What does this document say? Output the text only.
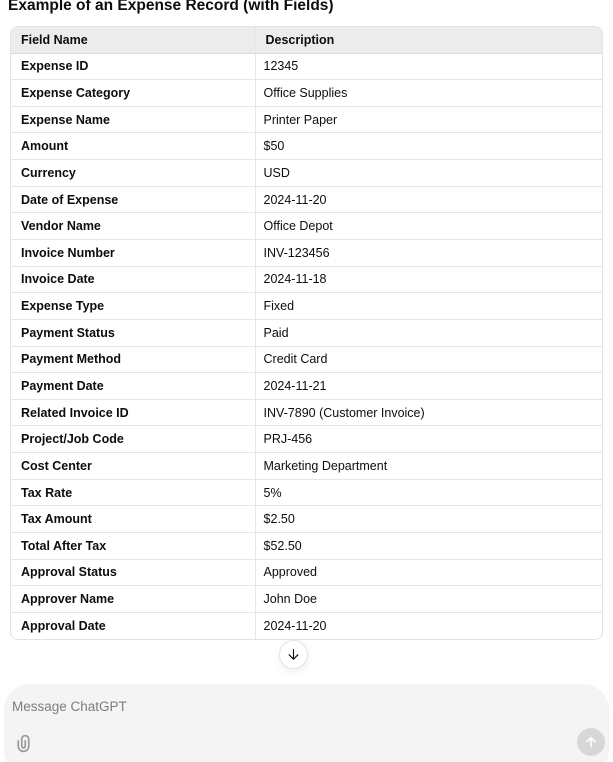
Example of an Expense Record (with Fields)
Field Name	Description
Expense ID	12345
Expense Category	Office Supplies
Expense Name	Printer Paper
Amount	$50
Currency	USD
Date of Expense	2024-11-20
Vendor Name	Office Depot
Invoice Number	INV-123456
Invoice Date	2024-11-18
Expense Type	Fixed
Payment Status	Paid
Payment Method	Credit Card
Payment Date	2024-11-21
Related Invoice ID	INV-7890 (Customer Invoice)
Project/Job Code	PRJ-456
Cost Center	Marketing Department
Tax Rate	5%
Tax Amount	$2.50
Total After Tax	$52.50
Approval Status	Approved
Approver Name	John Doe
Approval Date	2024-11-20
Message ChatGPT
